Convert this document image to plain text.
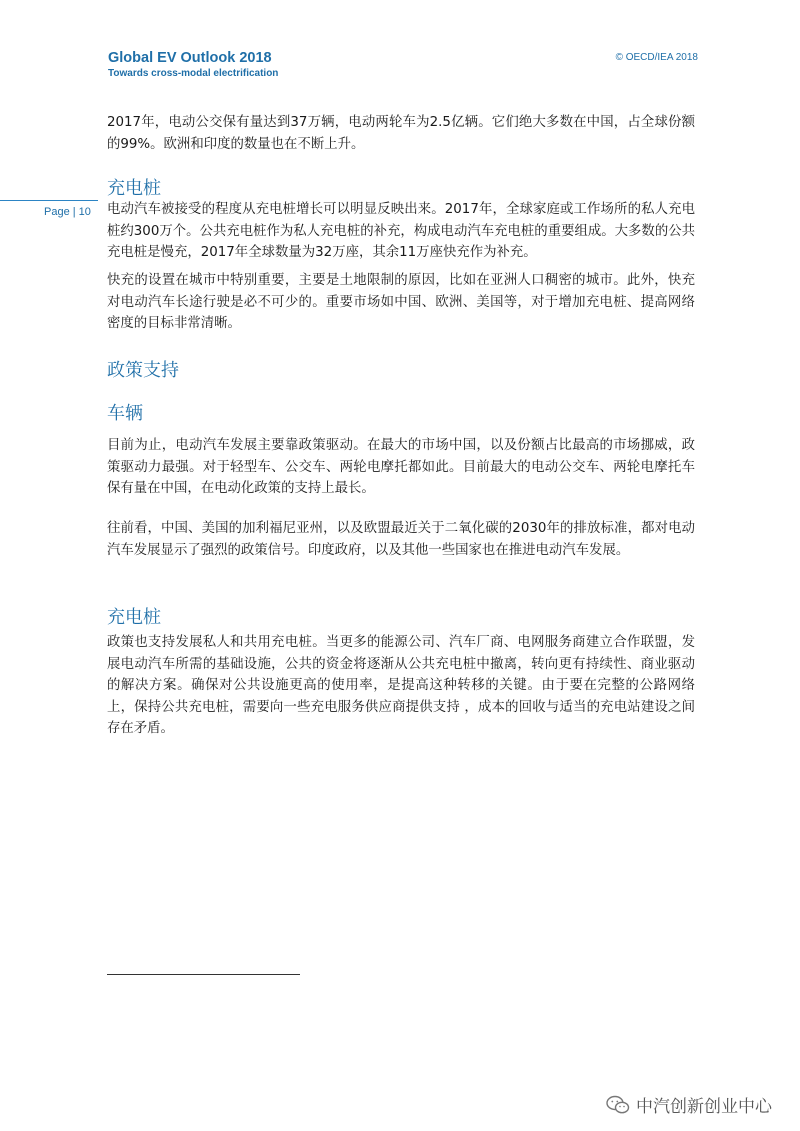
Global EV Outlook 2018
Towards cross-modal electrification
© OECD/IEA 2018
Page | 10

2017年，电动公交保有量达到37万辆，电动两轮车为2.5亿辆。它们绝大多数在中国，占全球份额的99%。欧洲和印度的数量也在不断上升。

充电桩

电动汽车被接受的程度从充电桩增长可以明显反映出来。2017年，全球家庭或工作场所的私人充电桩约300万个。公共充电桩作为私人充电桩的补充，构成电动汽车充电桩的重要组成。大多数的公共充电桩是慢充，2017年全球数量为32万座，其余11万座快充作为补充。

快充的设置在城市中特别重要，主要是土地限制的原因，比如在亚洲人口稠密的城市。此外，快充对电动汽车长途行驶是必不可少的。重要市场如中国、欧洲、美国等，对于增加充电桩、提高网络密度的目标非常清晰。

政策支持
车辆

目前为止，电动汽车发展主要靠政策驱动。在最大的市场中国，以及份额占比最高的市场挪威，政策驱动力最强。对于轻型车、公交车、两轮电摩托都如此。目前最大的电动公交车、两轮电摩托车保有量在中国，在电动化政策的支持上最长。

往前看，中国、美国的加利福尼亚州，以及欧盟最近关于二氧化碳的2030年的排放标准，都对电动汽车发展显示了强烈的政策信号。印度政府，以及其他一些国家也在推进电动汽车发展。

充电桩

政策也支持发展私人和共用充电桩。当更多的能源公司、汽车厂商、电网服务商建立合作联盟，发展电动汽车所需的基础设施，公共的资金将逐渐从公共充电桩中撤离，转向更有持续性、商业驱动的解决方案。确保对公共设施更高的使用率，是提高这种转移的关键。由于要在完整的公路网络上，保持公共充电桩，需要向一些充电服务供应商提供支持 ，成本的回收与适当的充电站建设之间存在矛盾。

中汽创新创业中心
